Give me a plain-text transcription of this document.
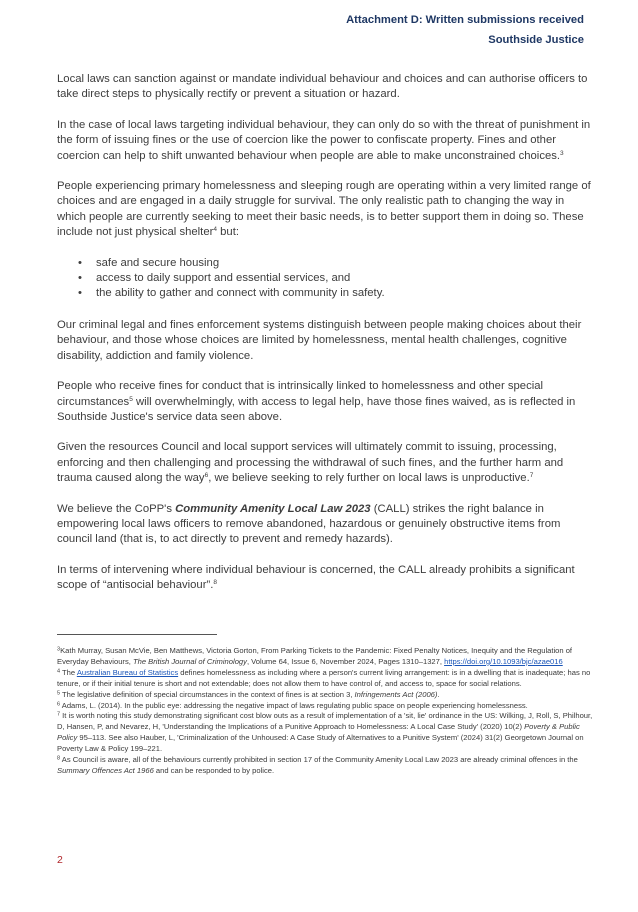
Attachment D: Written submissions received
Southside Justice

Local laws can sanction against or mandate individual behaviour and choices and can authorise officers to take direct steps to physically rectify or prevent a situation or hazard.

In the case of local laws targeting individual behaviour, they can only do so with the threat of punishment in the form of issuing fines or the use of coercion like the power to confiscate property. Fines and other coercion can help to shift unwanted behaviour when people are able to make unconstrained choices.$^3$

People experiencing primary homelessness and sleeping rough are operating within a very limited range of choices and are engaged in a daily struggle for survival. The only realistic path to changing the way in which people are currently seeking to meet their basic needs, is to better support them in doing so. These include not just physical shelter$^4$ but:

• safe and secure housing
• access to daily support and essential services, and
• the ability to gather and connect with community in safety.

Our criminal legal and fines enforcement systems distinguish between people making choices about their behaviour, and those whose choices are limited by homelessness, mental health challenges, cognitive disability, addiction and family violence.

People who receive fines for conduct that is intrinsically linked to homelessness and other special circumstances$^5$ will overwhelmingly, with access to legal help, have those fines waived, as is reflected in Southside Justice's service data seen above.

Given the resources Council and local support services will ultimately commit to issuing, processing, enforcing and then challenging and processing the withdrawal of such fines, and the further harm and trauma caused along the way$^6$, we believe seeking to rely further on local laws is unproductive.$^7$

We believe the CoPP's Community Amenity Local Law 2023 (CALL) strikes the right balance in empowering local laws officers to remove abandoned, hazardous or genuinely obstructive items from council land (that is, to act directly to prevent and remedy hazards).

In terms of intervening where individual behaviour is concerned, the CALL already prohibits a significant scope of “antisocial behaviour”.$^8$

$^3$Kath Murray, Susan McVie, Ben Matthews, Victoria Gorton, From Parking Tickets to the Pandemic: Fixed Penalty Notices, Inequity and the Regulation of Everyday Behaviours, The British Journal of Criminology, Volume 64, Issue 6, November 2024, Pages 1310–1327, https://doi.org/10.1093/bjc/azae016

$^4$ The Australian Bureau of Statistics defines homelessness as including where a person's current living arrangement: is in a dwelling that is inadequate; has no tenure, or if their initial tenure is short and not extendable; does not allow them to have control of, and access to, space for social relations.

$^5$ The legislative definition of special circumstances in the context of fines is at section 3, Infringements Act (2006).

$^6$ Adams, L. (2014). In the public eye: addressing the negative impact of laws regulating public space on people experiencing homelessness.

$^7$ It is worth noting this study demonstrating significant cost blow outs as a result of implementation of a 'sit, lie' ordinance in the US: Wilking, J, Roll, S, Philhour, D, Hansen, P, and Nevarez, H, 'Understanding the Implications of a Punitive Approach to Homelessness: A Local Case Study' (2020) 10(2) Poverty & Public Policy 95–113. See also Hauber, L, 'Criminalization of the Unhoused: A Case Study of Alternatives to a Punitive System' (2024) 31(2) Georgetown Journal on Poverty Law & Policy 199–221.

$^8$ As Council is aware, all of the behaviours currently prohibited in section 17 of the Community Amenity Local Law 2023 are already criminal offences in the Summary Offences Act 1966 and can be responded to by police.

2
